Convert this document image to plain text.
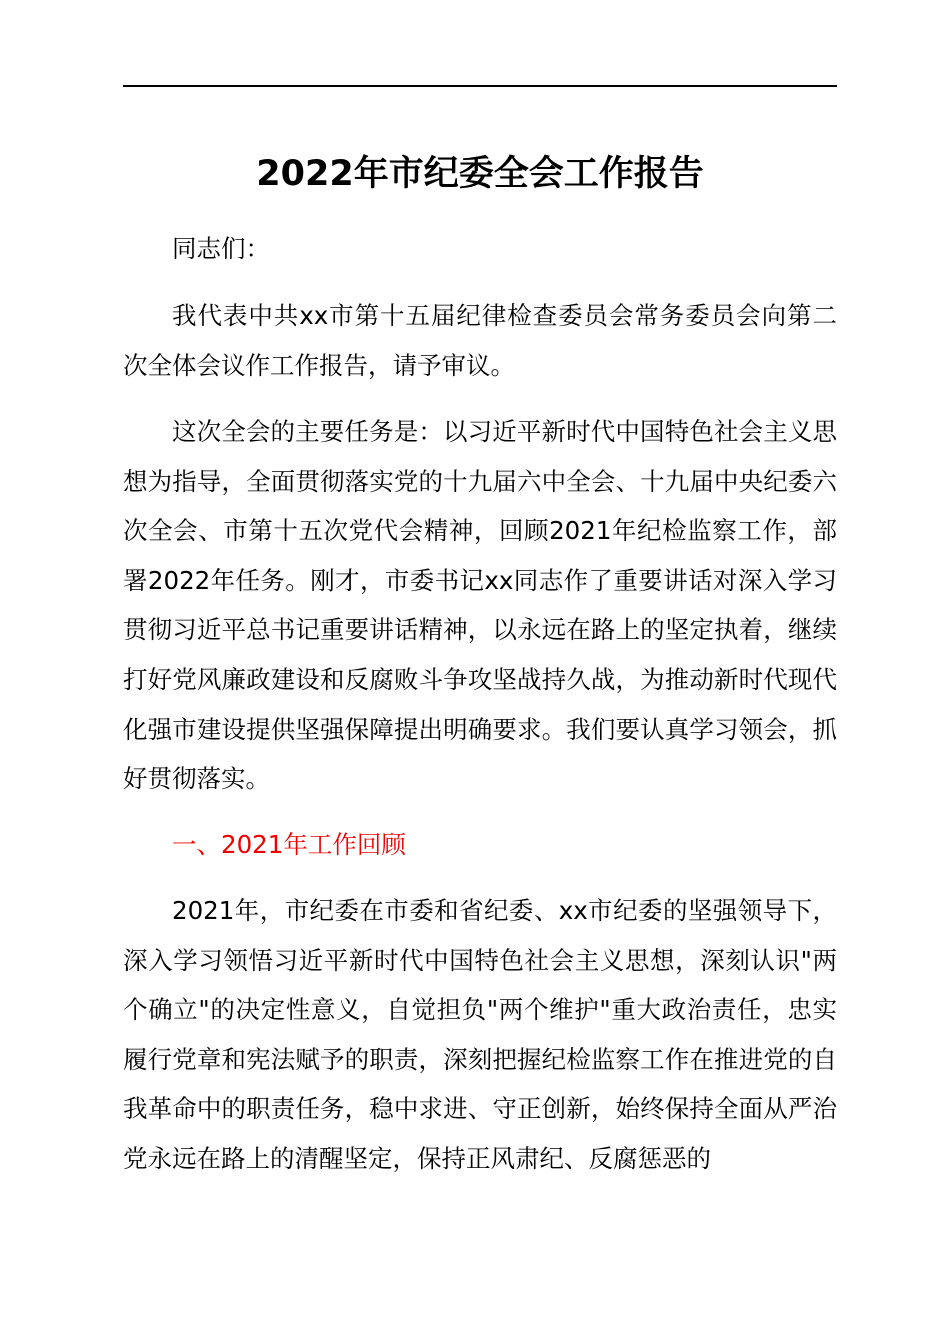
2022年市纪委全会工作报告

同志们：

我代表中共xx市第十五届纪律检查委员会常务委员会向第二次全体会议作工作报告，请予审议。

这次全会的主要任务是：以习近平新时代中国特色社会主义思想为指导，全面贯彻落实党的十九届六中全会、十九届中央纪委六次全会、市第十五次党代会精神，回顾2021年纪检监察工作，部署2022年任务。刚才，市委书记xx同志作了重要讲话对深入学习贯彻习近平总书记重要讲话精神，以永远在路上的坚定执着，继续打好党风廉政建设和反腐败斗争攻坚战持久战，为推动新时代现代化强市建设提供坚强保障提出明确要求。我们要认真学习领会，抓好贯彻落实。

一、2021年工作回顾

2021年，市纪委在市委和省纪委、xx市纪委的坚强领导下，深入学习领悟习近平新时代中国特色社会主义思想，深刻认识"两个确立"的决定性意义，自觉担负"两个维护"重大政治责任，忠实履行党章和宪法赋予的职责，深刻把握纪检监察工作在推进党的自我革命中的职责任务，稳中求进、守正创新，始终保持全面从严治党永远在路上的清醒坚定，保持正风肃纪、反腐惩恶的
